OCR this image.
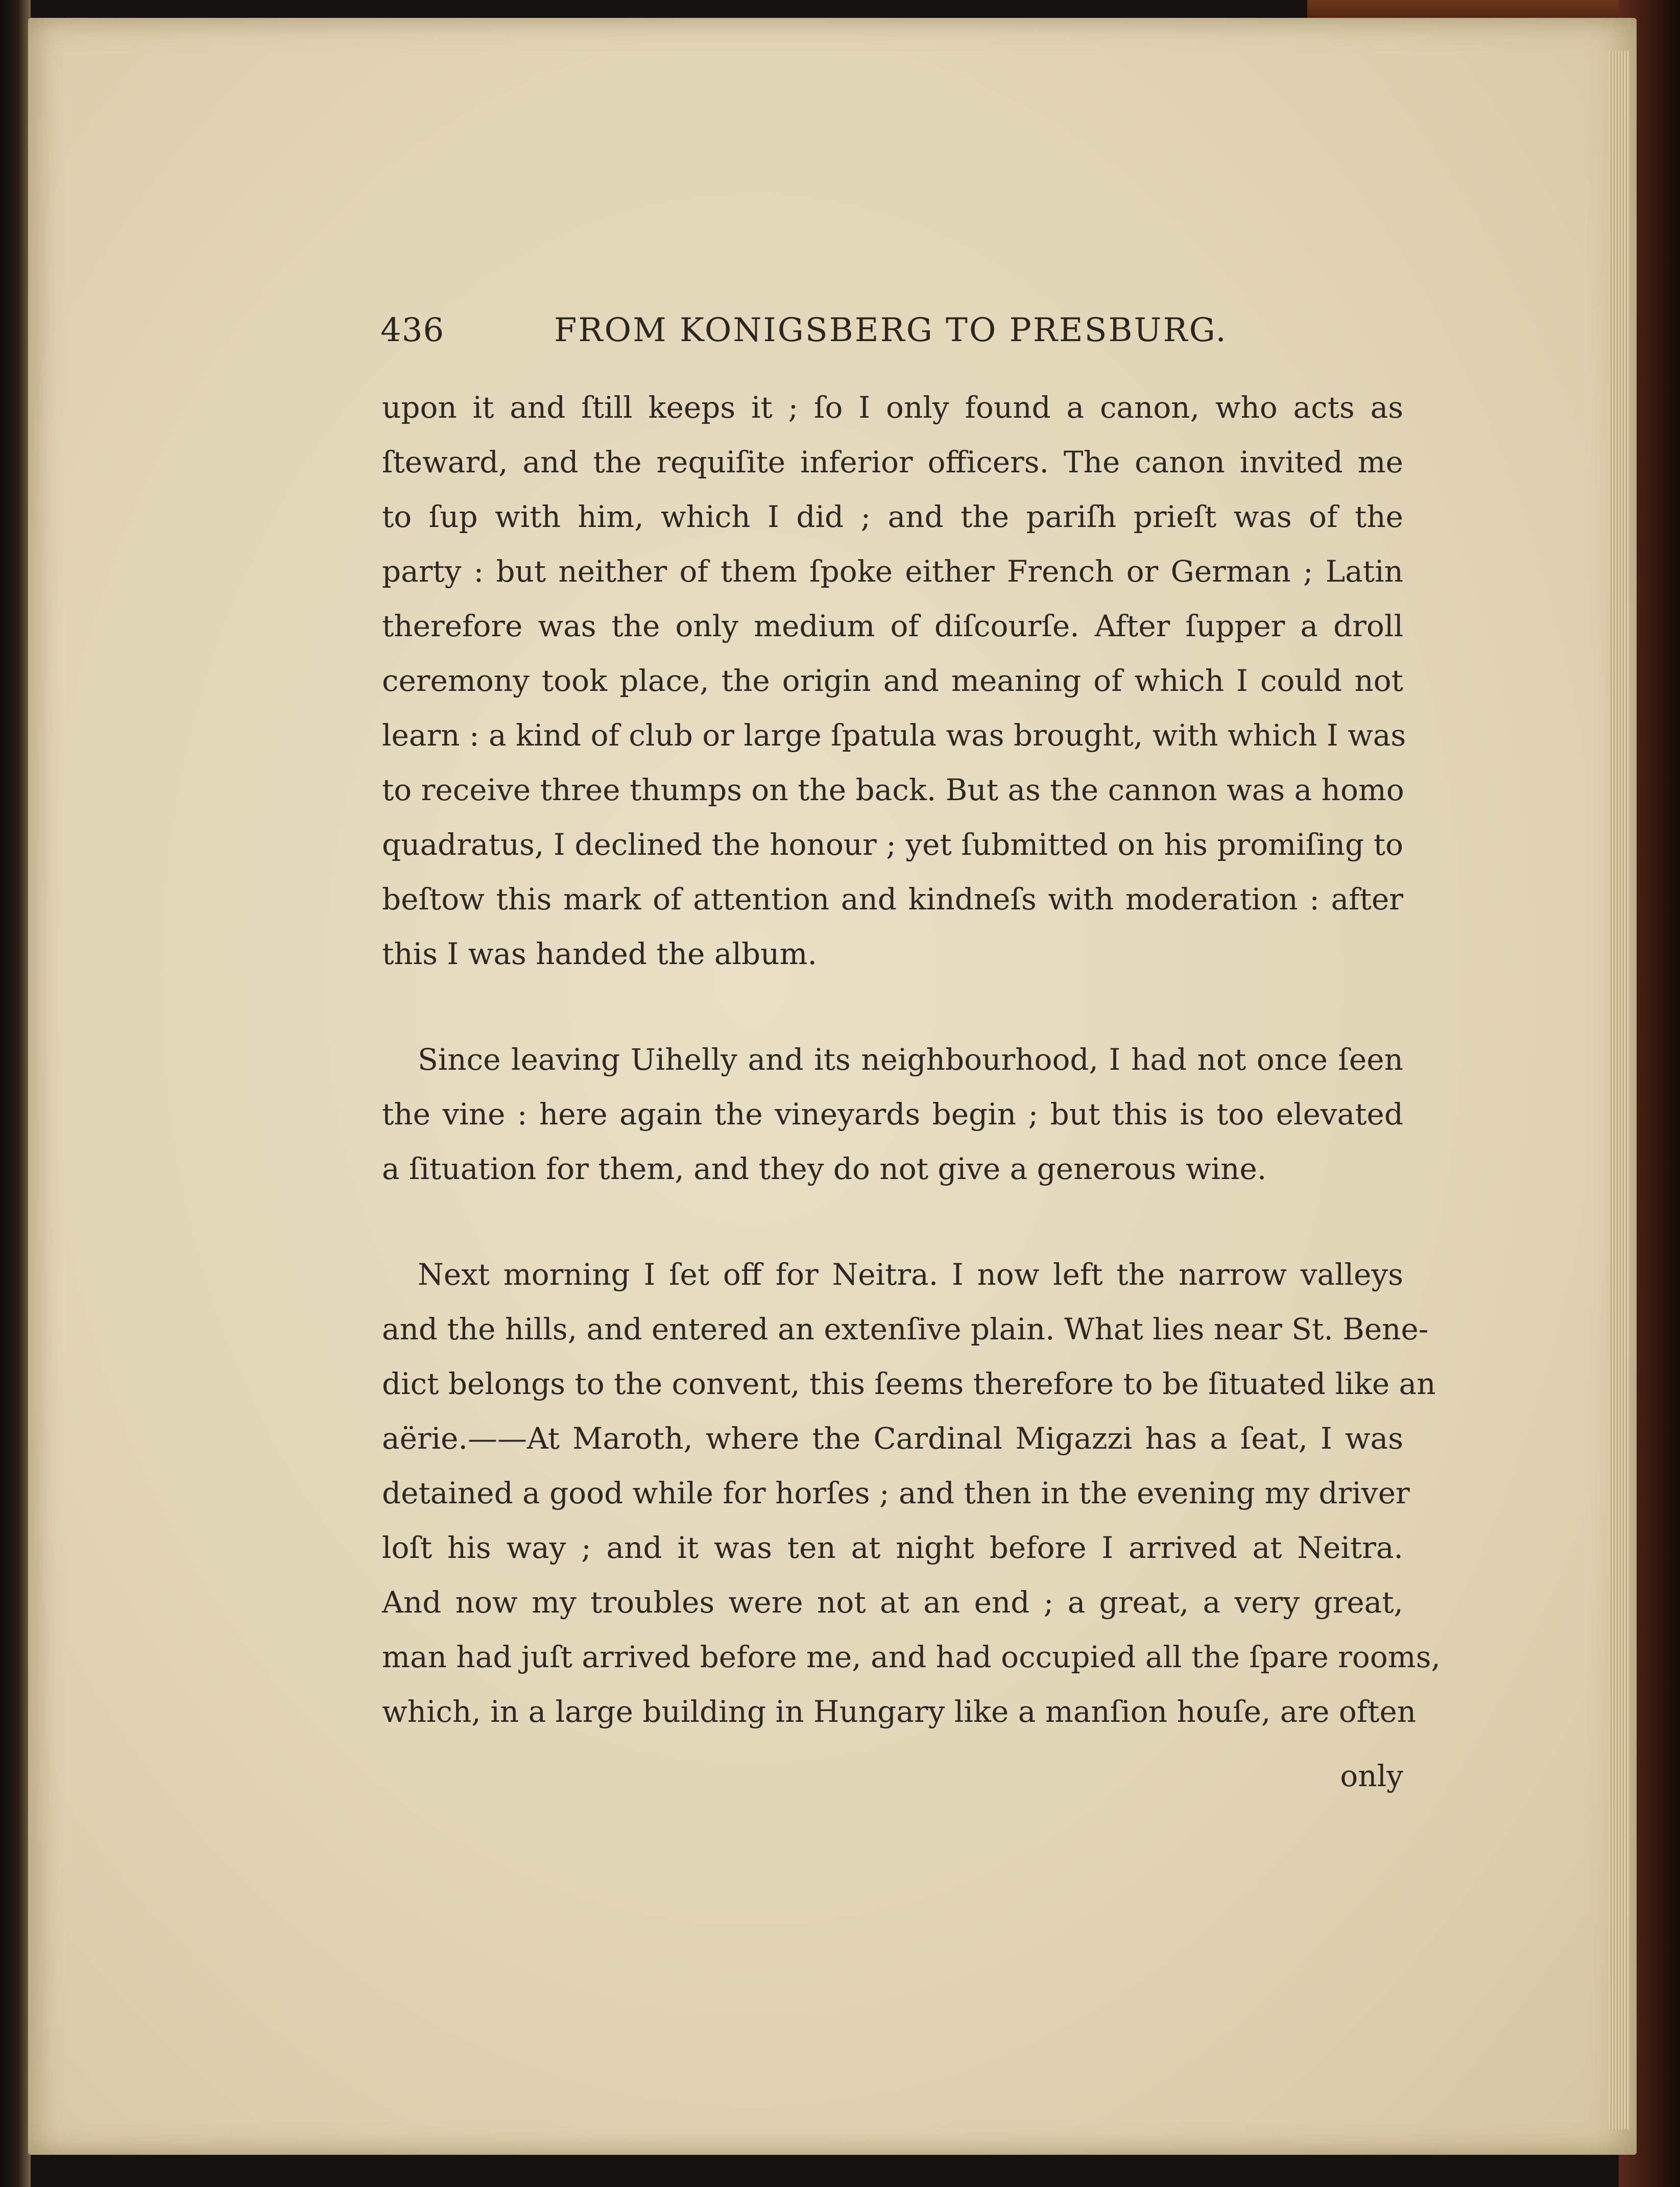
436	FROM KONIGSBERG TO PRESBURG.
upon it and ſtill keeps it ; ſo I only found a canon, who acts as
ſteward, and the requiſite inferior officers. The canon invited me
to ſup with him, which I did ; and the pariſh prieſt was of the
party : but neither of them ſpoke either French or German ; Latin
therefore was the only medium of diſcourſe. After ſupper a droll
ceremony took place, the origin and meaning of which I could not
learn : a kind of club or large ſpatula was brought, with which I was
to receive three thumps on the back. But as the cannon was a homo
quadratus, I declined the honour ; yet ſubmitted on his promiſing to
beſtow this mark of attention and kindneſs with moderation : after
this I was handed the album.
Since leaving Uihelly and its neighbourhood, I had not once ſeen
the vine : here again the vineyards begin ; but this is too elevated
a ſituation for them, and they do not give a generous wine.
Next morning I ſet off for Neitra. I now left the narrow valleys
and the hills, and entered an extenſive plain. What lies near St. Bene-
dict belongs to the convent, this ſeems therefore to be ſituated like an
aërie.——At Maroth, where the Cardinal Migazzi has a ſeat, I was
detained a good while for horſes ; and then in the evening my driver
loſt his way ; and it was ten at night before I arrived at Neitra.
And now my troubles were not at an end ; a great, a very great,
man had juſt arrived before me, and had occupied all the ſpare rooms,
which, in a large building in Hungary like a manſion houſe, are often
only
